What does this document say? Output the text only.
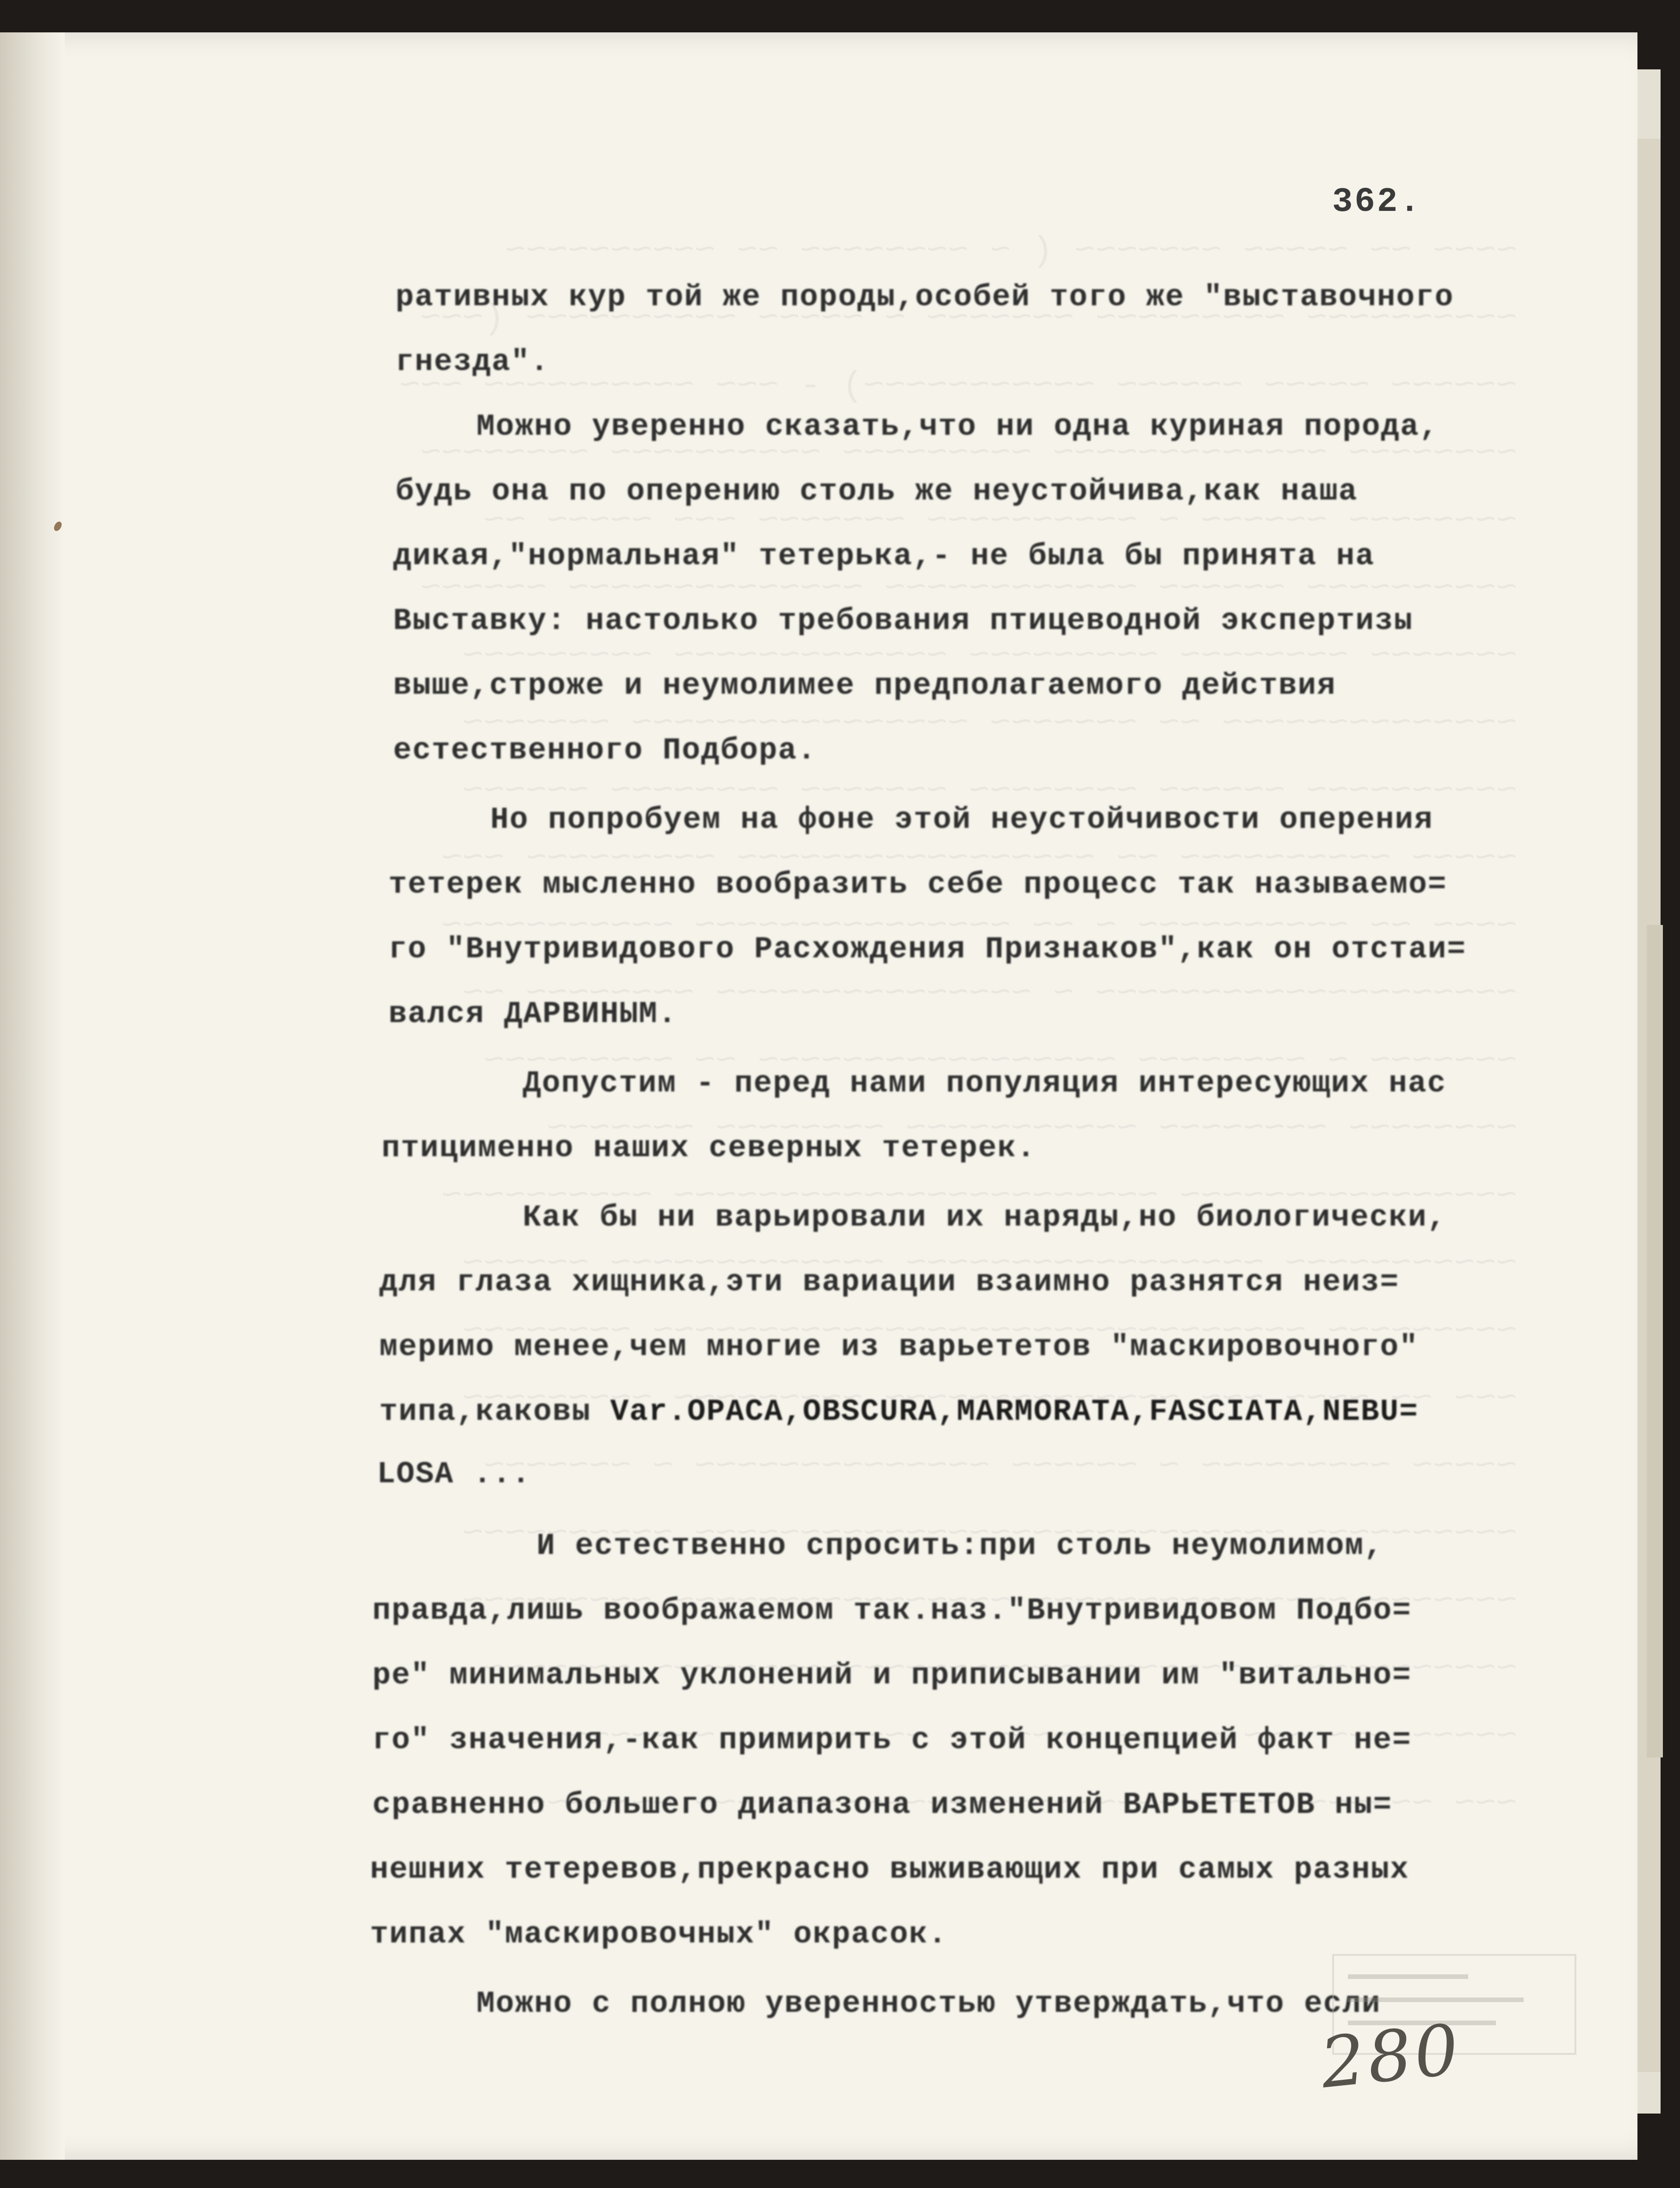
362.
ративных кур той же породы,особей того же "выставочного
гнезда".
Можно уверенно сказать,что ни одна куриная порода,
будь она по оперению столь же неустойчива,как наша
дикая,"нормальная" тетерька,- не была бы принята на
Выставку: настолько требования птицеводной экспертизы
выше,строже и неумолимее предполагаемого действия
естественного Подбора.
Но попробуем на фоне этой неустойчивости оперения
тетерек мысленно вообразить себе процесс так называемо=
го "Внутривидового Расхождения Признаков",как он отстаи=
вался ДАРВИНЫМ.
Допустим - перед нами популяция интересующих нас
птицименно наших северных тетерек.
Как бы ни варьировали их наряды,но биологически,
для глаза хищника,эти вариации взаимно разнятся неиз=
меримо менее,чем многие из варьететов "маскировочного"
типа,каковы Var.OPACA,OBSCURA,MARMORATA,FASCIATA,NEBU=
LOSA ...
И естественно спросить:при столь неумолимом,
правда,лишь воображаемом так.наз."Внутривидовом Подбо=
ре" минимальных уклонений и приписывании им "витально=
го" значения,-как примирить с этой концепцией факт не=
сравненно большего диапазона изменений ВАРЬЕТЕТОВ ны=
нешних тетеревов,прекрасно выживающих при самых разных
типах "маскировочных" окрасок.
Можно с полною уверенностью утверждать,что если
280
